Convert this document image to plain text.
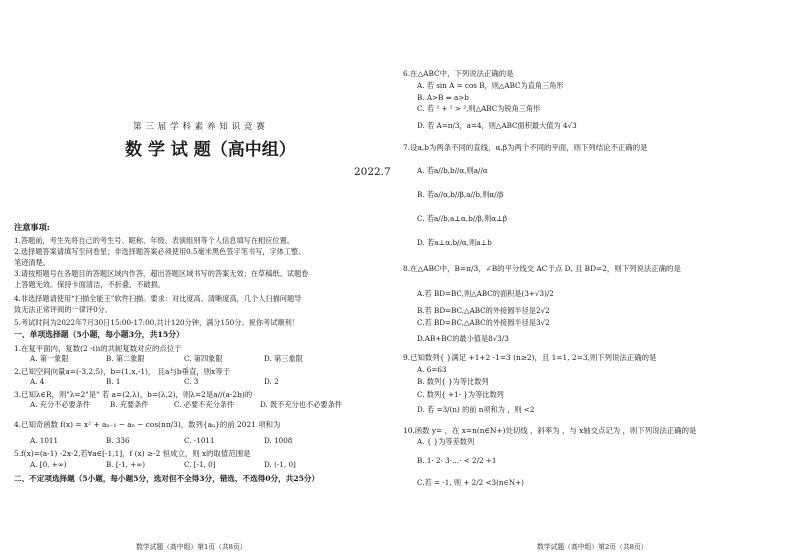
第 三 届 学 科 素 养 知 识 竞 赛
数 学 试 题（高中组）
2022.7
注意事项:
1.答题前，考生先将自己的考生号、昵称、年级、表演组别等个人信息填写在相应位置。
2.选择题答案请填写至问卷星；非选择题答案必须使用0.5毫米黑色签字笔书写，字体工整、
笔迹清楚。
3.请按照题号在各题目的答题区域内作答，超出答题区域书写的答案无效；在草稿纸、试题卷
上答题无效。保持卡面清洁，不折叠、不破损。
4.非选择题请使用“扫描全能王”软件扫描。要求：对比度高、清晰度高，几个人扫描问题导
致无法正常评阅的一律评0分。
5.考试时间为2022年7月30日15:00-17:00,共计120分钟，满分150分。祝你考试顺利！
一、单项选择题（5小题，每小题3分，共15分）
1.在复平面内，复数(2 -i)i的共轭复数对应的点位于
A. 第一象限	B. 第二象限	C. 第四象限	D. 第三象限
2.已知空间向量a=(-3,2,5)，b=(1,x,-1)， 且a与b垂直，则x等于
A. 4	B. 1	C. 3	D. 2
3.已知λ∈R，则"λ=2"是" 若 a=(2,λ)，b=(λ,2)，则λ=2是a//(a-2b)的
A. 充分不必要条件	B. 充要条件	C. 必要不充分条件	D. 既不充分也不必要条件
4.已知奇函数 f(x) = x² + aₙ₋₁ − aₙ − cos(nπ/3)，数列{aₙ}的前 2021 项和为
A. 1011	B. 336	C. -1011	D. 1008
5.f(x)=(a-1) -2x-2,若∀a∈[-1,1]，f (x) ≥-2 恒成立，则 x的取值范围是
A. [0, +∞)	B. [-1, +∞)	C. [-1, 0]	D. (-1, 0]
二、不定项选择题（5小题，每小题5分，选对但不全得3分，错选、不选得0分，共25分）
数学试题（高中组）第1页（共8页）
6.在△ABC中，下列说法正确的是
A. 若 sin A = cos B，则△ABC为直角三角形
B. A>B ⇔ a>b
C. 若 ² + ² > ²,则△ABC为锐角三角形
D. 若 A=π/3，a=4，则△ABC面积最大值为 4√3
7.设a,b为两条不同的直线，α,β为两个不同的平面，则下列结论不正确的是
A. 若a//b,b//α,则a//α
B. 若a//α,b//β,a//b,则α//β
C. 若a//b,a⊥α,b//β,则α⊥β
D. 若a⊥α,b//α,则a⊥b
8.在△ABC中，B=π/3，∠B的平分线交 AC于点 D, 且 BD=2，则下列说法正确的是
A.若 BD=BC,则△ABC的面积是(3+√3)/2
B.若 BD=BC,△ABC的外接圆半径是2√2
C.若 BD=BC,△ABC的外接圆半径是3√2
D.AB+BC的最小值是8√3/3
9.已知数列{ }满足 +1+2 -1=3 (n≥2)，且 1=1, 2=3,则下列说法正确的是
A. 6=63
B. 数列{ }为等比数列
C. 数列{ +1- }为等比数列
D. 若 =3/(n) 的前 n项和为 ，则 <2
10.函数 y= ，在 x=n(n∈N+)处切线 ，斜率为 ，与 x轴交点记为 ，则下列说法正确的是
A. { }为等差数列
B. 1· 2· 3·…· < 2/2 +1
C.若 = -1, 则 + 2/2 <3(n∈N+)
数学试题（高中组）第2页（共8页）
